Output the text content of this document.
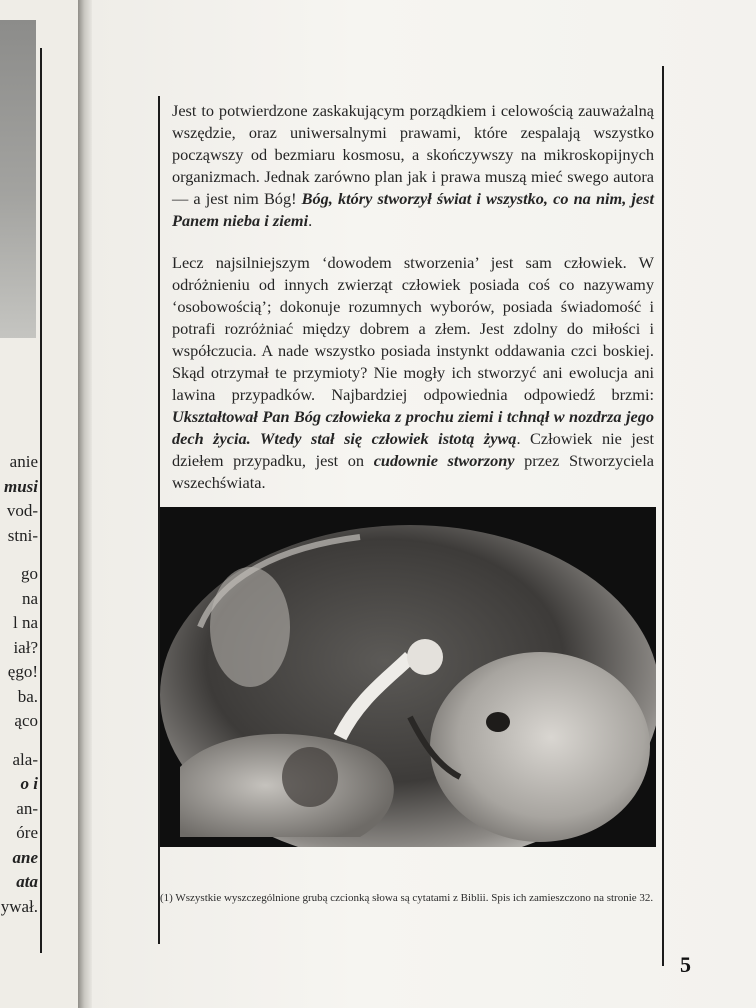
anie
musi
vod-
stni-
go
na
l na
iał?
ęgo!
ba.
ącо
ala-
o i
an-
óre
ane
ata
ywał.

Jest to potwierdzone zaskakującym porządkiem i celowością zauważalną wszędzie, oraz uniwersalnymi prawami, które zespalają wszystko począwszy od bezmiaru kosmosu, a skończywszy na mikroskopijnych organizmach. Jednak zarówno plan jak i prawa muszą mieć swego autora — a jest nim Bóg! Bóg, który stworzył świat i wszystko, co na nim, jest Panem nieba i ziemi.

Lecz najsilniejszym ‘dowodem stworzenia’ jest sam człowiek. W odróżnieniu od innych zwierząt człowiek posiada coś co nazywamy ‘osobowością’; dokonuje rozumnych wyborów, posiada świadomość i potrafi rozróżniać między dobrem a złem. Jest zdolny do miłości i współczucia. A nade wszystko posiada instynkt oddawania czci boskiej. Skąd otrzymał te przymioty? Nie mogły ich stworzyć ani ewolucja ani lawina przypadków. Najbardziej odpowiednia odpowiedź brzmi: Ukształtował Pan Bóg człowieka z prochu ziemi i tchnął w nozdrza jego dech życia. Wtedy stał się człowiek istotą żywą. Człowiek nie jest dziełem przypadku, jest on cudownie stworzony przez Stworzyciela wszechświata.

(1) Wszystkie wyszczególnione grubą czcionką słowa są cytatami z Biblii. Spis ich zamieszczono na stronie 32.
5
